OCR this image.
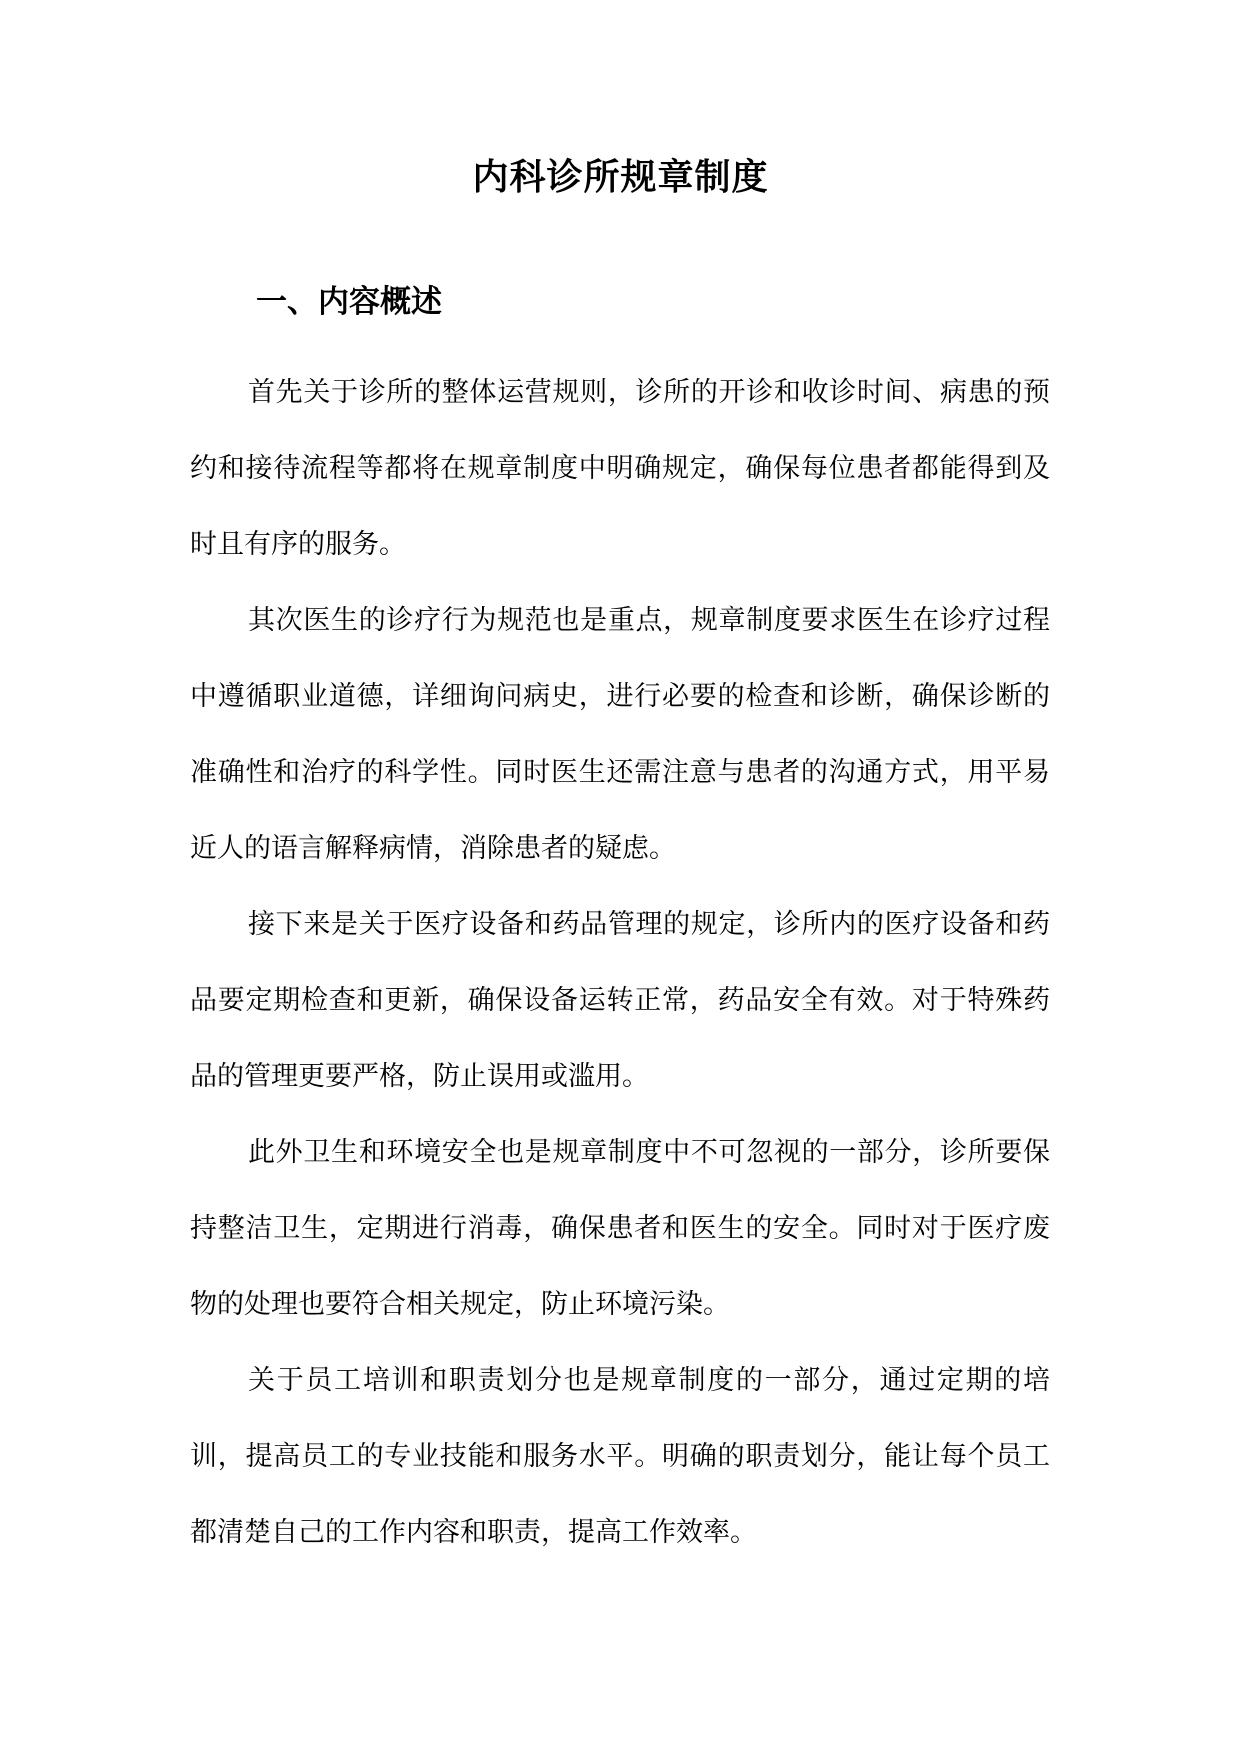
内科诊所规章制度
一、内容概述

首先关于诊所的整体运营规则，诊所的开诊和收诊时间、病患的预约和接待流程等都将在规章制度中明确规定，确保每位患者都能得到及时且有序的服务。

其次医生的诊疗行为规范也是重点，规章制度要求医生在诊疗过程中遵循职业道德，详细询问病史，进行必要的检查和诊断，确保诊断的准确性和治疗的科学性。同时医生还需注意与患者的沟通方式，用平易近人的语言解释病情，消除患者的疑虑。

接下来是关于医疗设备和药品管理的规定，诊所内的医疗设备和药品要定期检查和更新，确保设备运转正常，药品安全有效。对于特殊药品的管理更要严格，防止误用或滥用。

此外卫生和环境安全也是规章制度中不可忽视的一部分，诊所要保持整洁卫生，定期进行消毒，确保患者和医生的安全。同时对于医疗废物的处理也要符合相关规定，防止环境污染。

关于员工培训和职责划分也是规章制度的一部分，通过定期的培训，提高员工的专业技能和服务水平。明确的职责划分，能让每个员工都清楚自己的工作内容和职责，提高工作效率。
